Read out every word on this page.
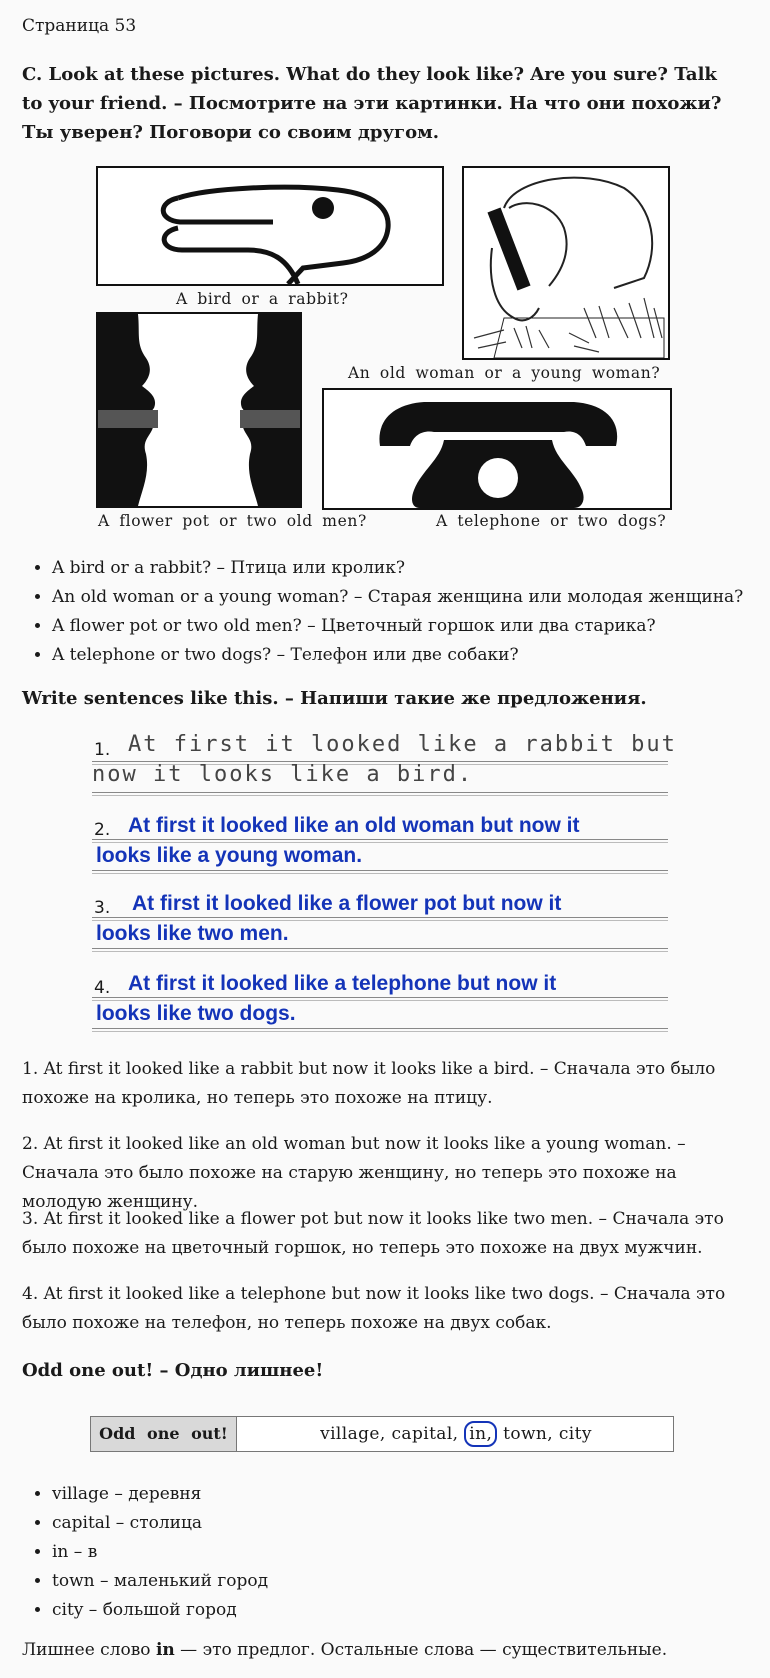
Страница 53
C. Look at these pictures. What do they look like? Are you sure? Talk to your friend. – Посмотрите на эти картинки. На что они похожи? Ты уверен? Поговори со своим другом.
A bird or a rabbit?
An old woman or a young woman?
A flower pot or two old men?	A telephone or two dogs?
• A bird or a rabbit? – Птица или кролик?
• An old woman or a young woman? – Старая женщина или молодая женщина?
• A flower pot or two old men? – Цветочный горшок или два старика?
• A telephone or two dogs? – Телефон или две собаки?
Write sentences like this. – Напиши такие же предложения.
1. At first it looked like a rabbit but
now it looks like a bird.
2. At first it looked like an old woman but now it
looks like a young woman.
3. At first it looked like a flower pot but now it
looks like two men.
4. At first it looked like a telephone but now it
looks like two dogs.
1. At first it looked like a rabbit but now it looks like a bird. – Сначала это было похоже на кролика, но теперь это похоже на птицу.
2. At first it looked like an old woman but now it looks like a young woman. – Сначала это было похоже на старую женщину, но теперь это похоже на молодую женщину.
3. At first it looked like a flower pot but now it looks like two men. – Сначала это было похоже на цветочный горшок, но теперь это похоже на двух мужчин.
4. At first it looked like a telephone but now it looks like two dogs. – Сначала это было похоже на телефон, но теперь похоже на двух собак.
Odd one out! – Одно лишнее!
Odd one out!	village, capital, in, town, city
• village – деревня
• capital – столица
• in – в
• town – маленький город
• city – большой город
Лишнее слово in — это предлог. Остальные слова — существительные.
